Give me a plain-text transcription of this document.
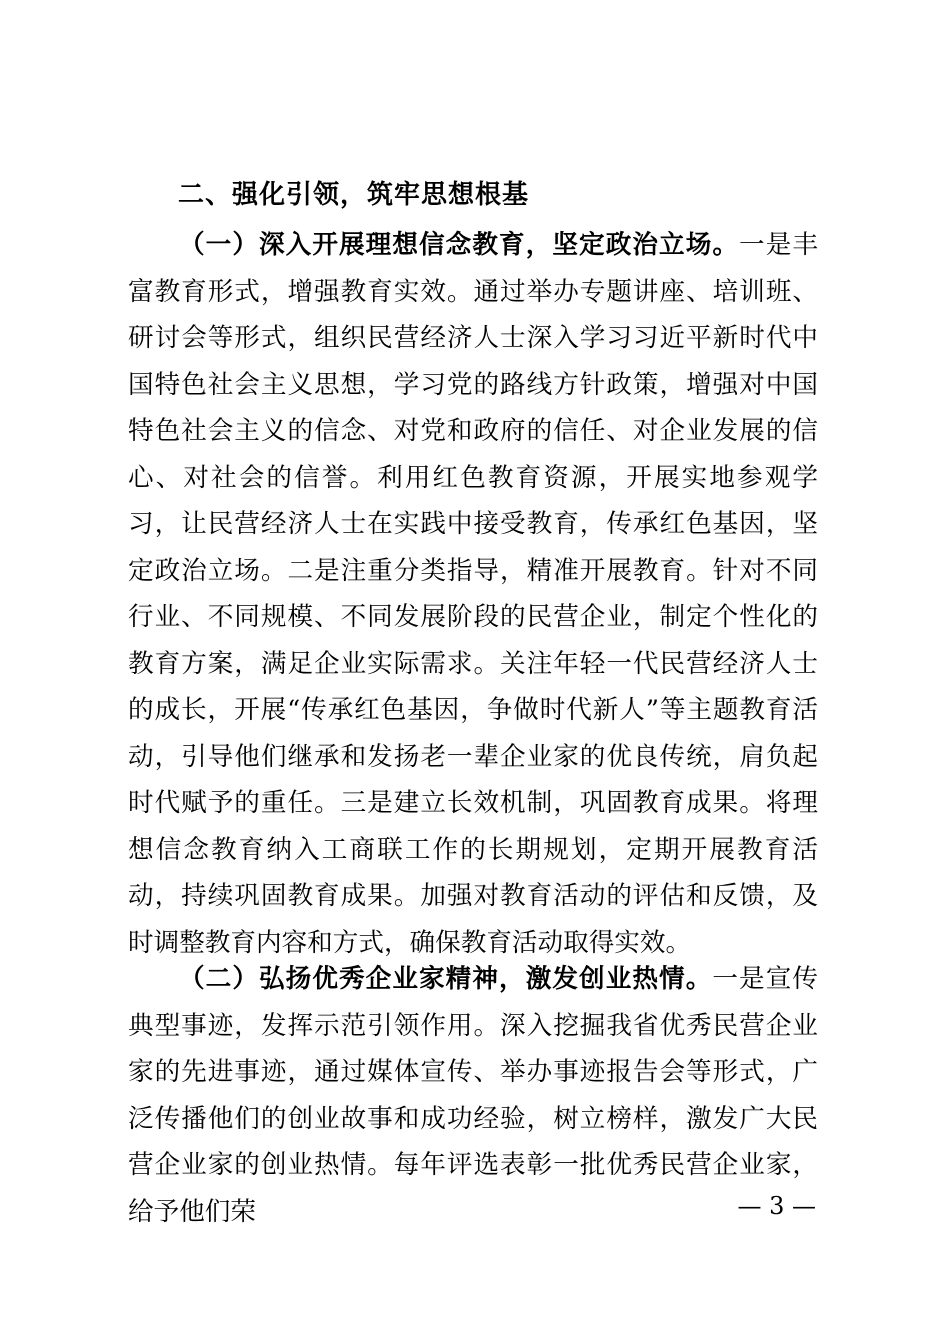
二、强化引领，筑牢思想根基

（一）深入开展理想信念教育，坚定政治立场。一是丰富教育形式，增强教育实效。通过举办专题讲座、培训班、研讨会等形式，组织民营经济人士深入学习习近平新时代中国特色社会主义思想，学习党的路线方针政策，增强对中国特色社会主义的信念、对党和政府的信任、对企业发展的信心、对社会的信誉。利用红色教育资源，开展实地参观学习，让民营经济人士在实践中接受教育，传承红色基因，坚定政治立场。二是注重分类指导，精准开展教育。针对不同行业、不同规模、不同发展阶段的民营企业，制定个性化的教育方案，满足企业实际需求。关注年轻一代民营经济人士的成长，开展“传承红色基因，争做时代新人”等主题教育活动，引导他们继承和发扬老一辈企业家的优良传统，肩负起时代赋予的重任。三是建立长效机制，巩固教育成果。将理想信念教育纳入工商联工作的长期规划，定期开展教育活动，持续巩固教育成果。加强对教育活动的评估和反馈，及时调整教育内容和方式，确保教育活动取得实效。

（二）弘扬优秀企业家精神，激发创业热情。一是宣传典型事迹，发挥示范引领作用。深入挖掘我省优秀民营企业家的先进事迹，通过媒体宣传、举办事迹报告会等形式，广泛传播他们的创业故事和成功经验，树立榜样，激发广大民营企业家的创业热情。每年评选表彰一批优秀民营企业家，给予他们荣	— 3 —
